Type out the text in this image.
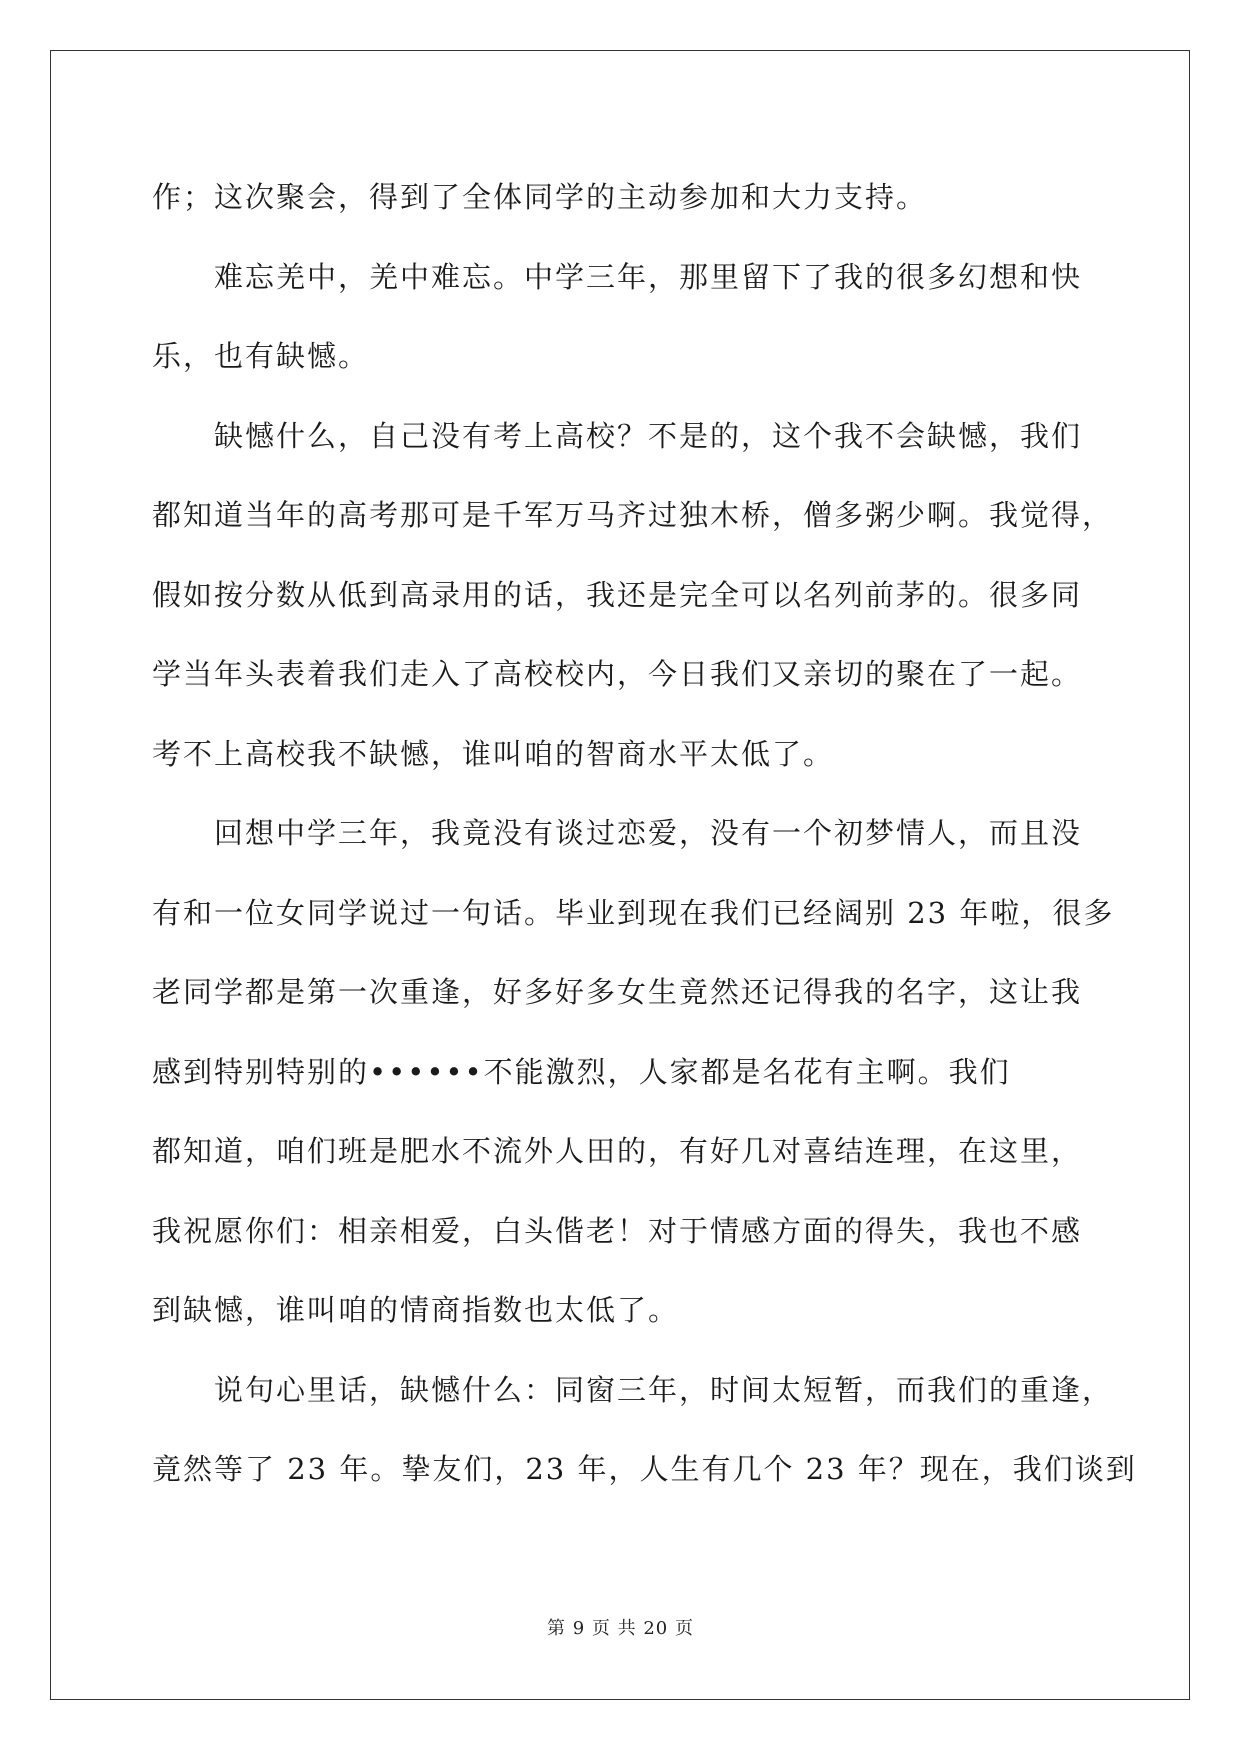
作；这次聚会，得到了全体同学的主动参加和大力支持。
难忘羌中，羌中难忘。中学三年，那里留下了我的很多幻想和快
乐，也有缺憾。
缺憾什么，自己没有考上高校？不是的，这个我不会缺憾，我们
都知道当年的高考那可是千军万马齐过独木桥，僧多粥少啊。我觉得，
假如按分数从低到高录用的话，我还是完全可以名列前茅的。很多同
学当年头表着我们走入了高校校内，今日我们又亲切的聚在了一起。
考不上高校我不缺憾，谁叫咱的智商水平太低了。
回想中学三年，我竟没有谈过恋爱，没有一个初梦情人，而且没
有和一位女同学说过一句话。毕业到现在我们已经阔别 23 年啦，很多
老同学都是第一次重逢，好多好多女生竟然还记得我的名字，这让我
感到特别特别的••••••不能激烈，人家都是名花有主啊。我们
都知道，咱们班是肥水不流外人田的，有好几对喜结连理，在这里，
我祝愿你们：相亲相爱，白头偕老！对于情感方面的得失，我也不感
到缺憾，谁叫咱的情商指数也太低了。
说句心里话，缺憾什么：同窗三年，时间太短暂，而我们的重逢，
竟然等了 23 年。挚友们，23 年，人生有几个 23 年？现在，我们谈到
第 9 页 共 20 页
